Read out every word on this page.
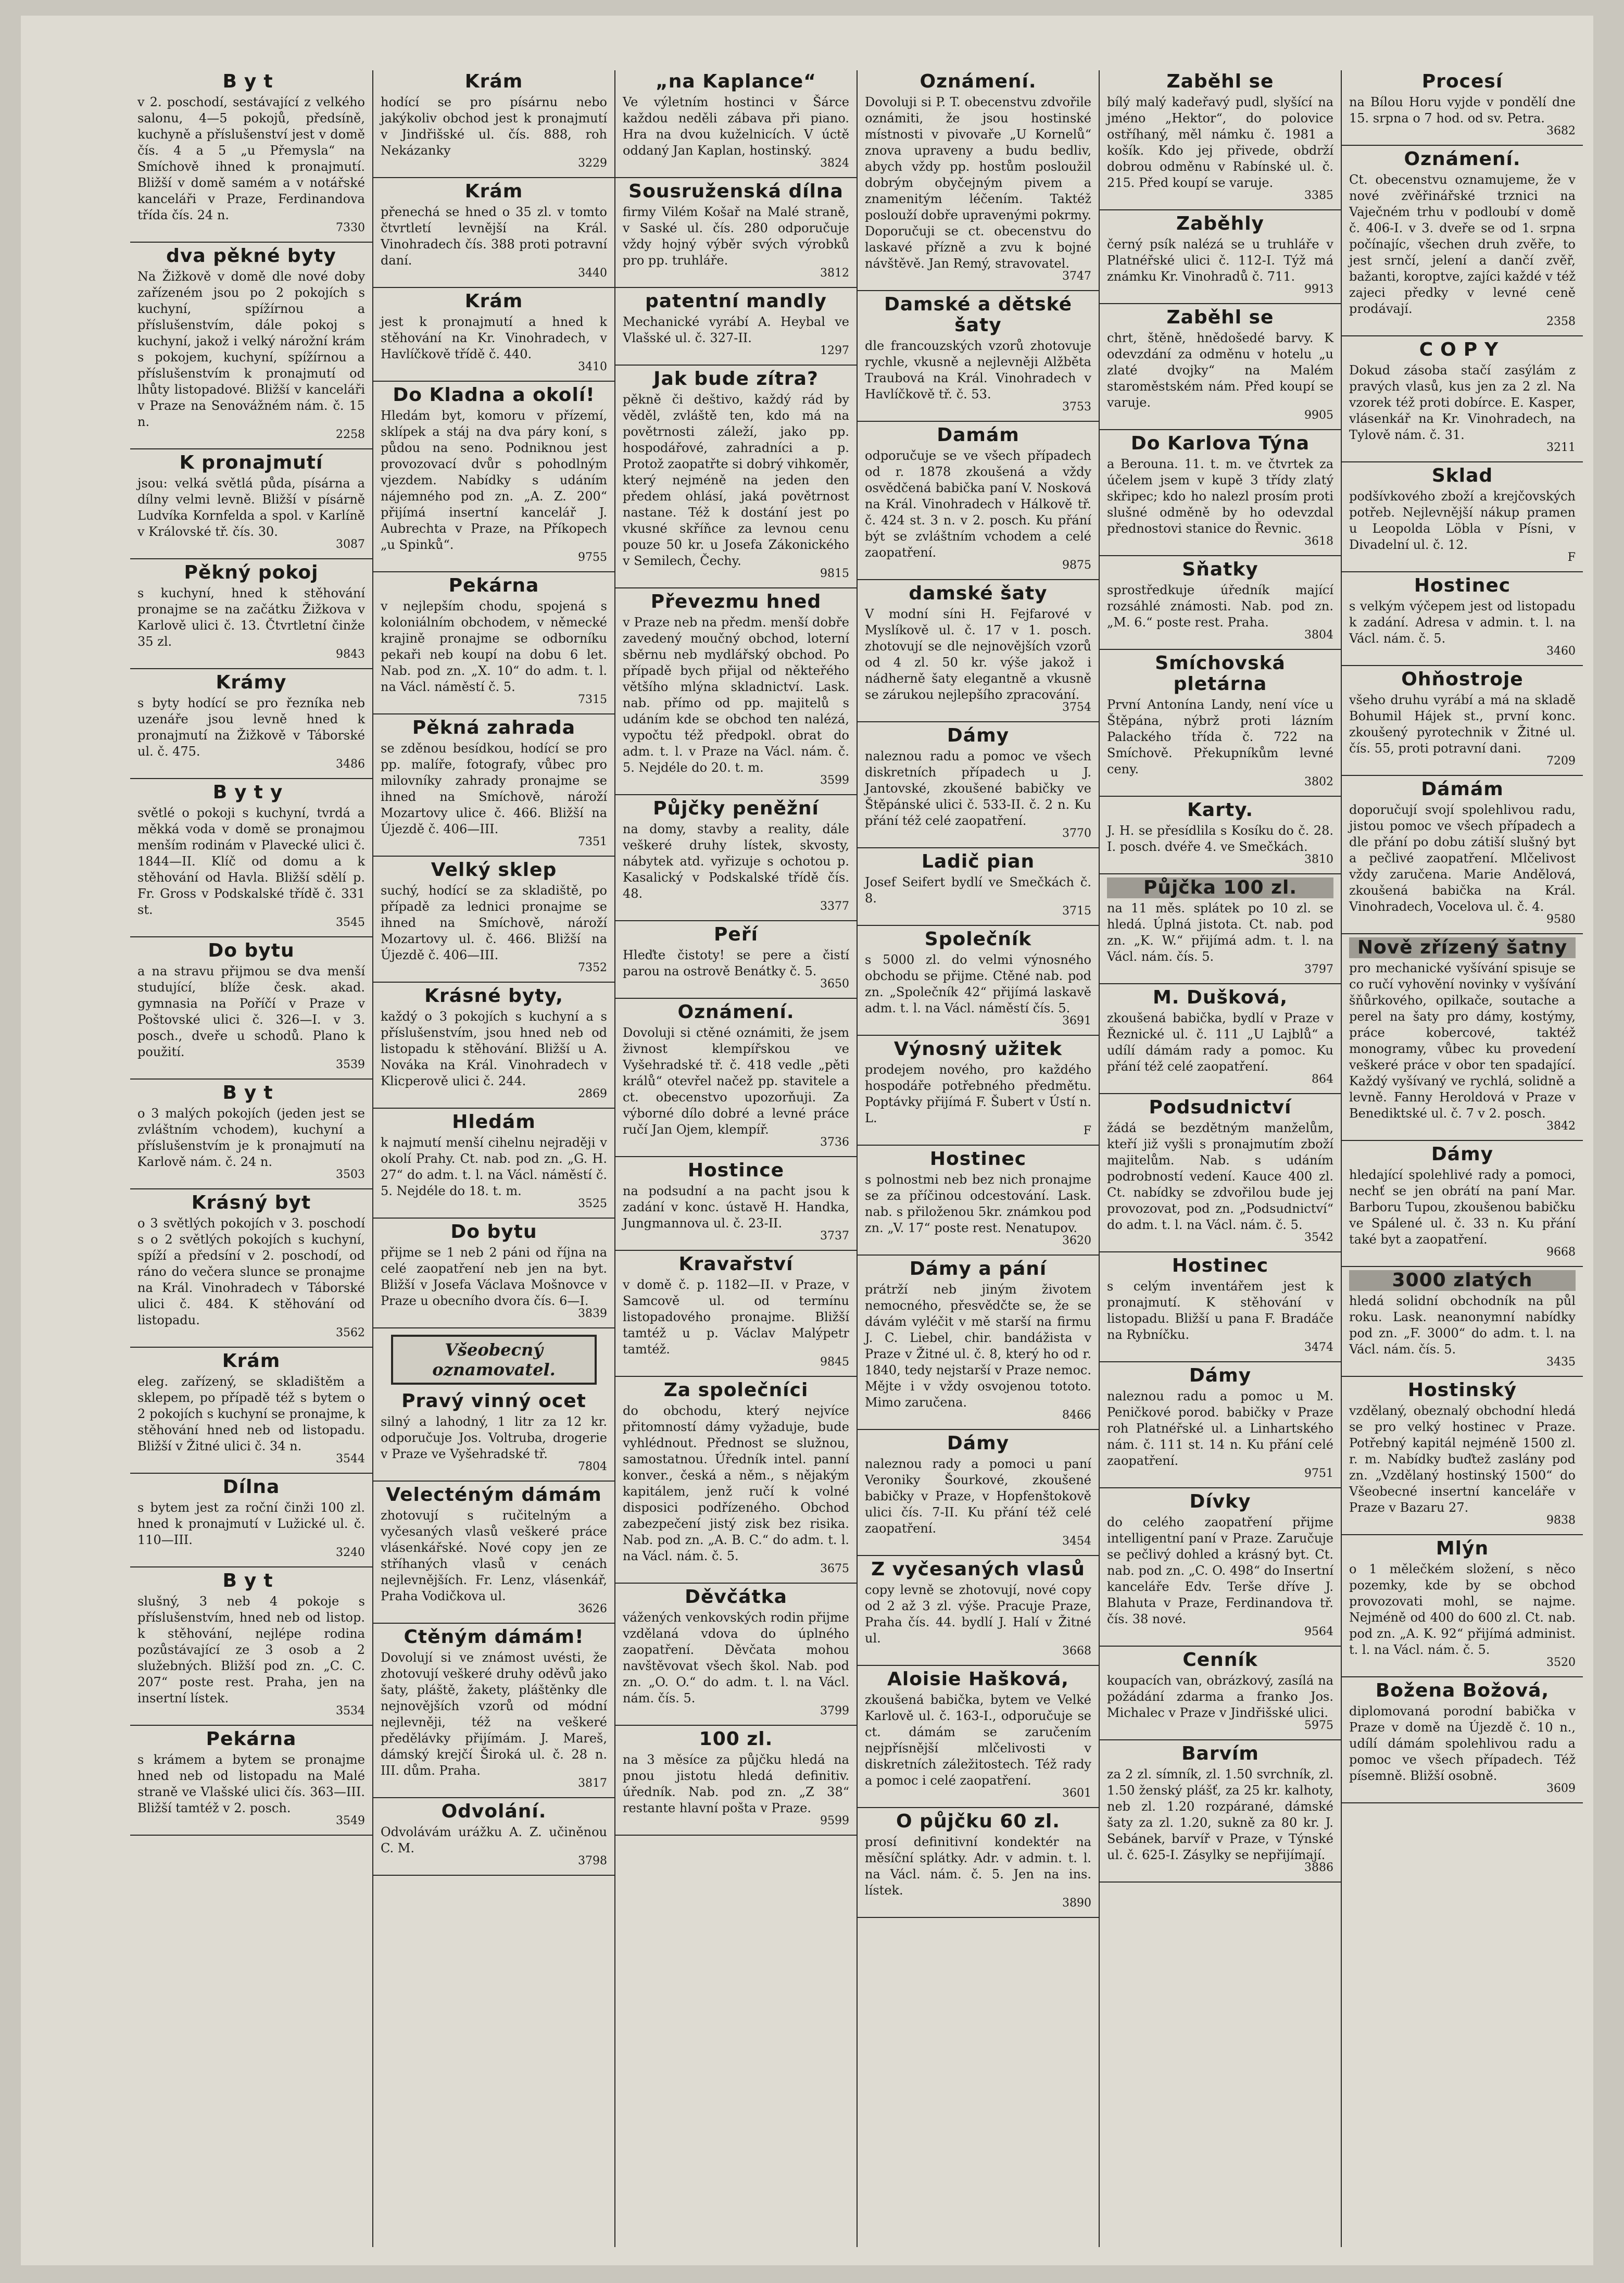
Byt

v 2. poschodí, sestávající z velkého salonu, 4—5 pokojů, předsíně, kuchyně a příslušenství jest v domě čís. 4 a 5 „u Přemysla“ na Smíchově ihned k pronajmutí. Bližší v domě samém a v notářské kanceláři v Praze, Ferdinandova třída čís. 24 n.

7330
dva pěkné byty

Na Žižkově v domě dle nové doby zařízeném jsou po 2 pokojích s kuchyní, spížírnou a příslušenstvím, dále pokoj s kuchyní, jakož i velký nárožní krám s pokojem, kuchyní, spížírnou a příslušenstvím k pronajmutí od lhůty listopadové. Bližší v kanceláři v Praze na Senovážném nám. č. 15 n.

2258
K pronajmutí

jsou: velká světlá půda, písárna a dílny velmi levně. Bližší v písárně Ludvíka Kornfelda a spol. v Karlíně v Královské tř. čís. 30.

3087
Pěkný pokoj

s kuchyní, hned k stěhování pronajme se na začátku Žižkova v Karlově ulici č. 13. Čtvrtletní činže 35 zl.

9843
Krámy

s byty hodící se pro řezníka neb uzenáře jsou levně hned k pronajmutí na Žižkově v Táborské ul. č. 475.

3486
Byty

světlé o pokoji s kuchyní, tvrdá a měkká voda v domě se pronajmou menším rodinám v Plavecké ulici č. 1844—II. Klíč od domu a k stěhování od Havla. Bližší sdělí p. Fr. Gross v Podskalské třídě č. 331 st.

3545
Do bytu

a na stravu přijmou se dva menší studující, blíže česk. akad. gymnasia na Poříčí v Praze v Poštovské ulici č. 326—I. v 3. posch., dveře u schodů. Plano k použití.

3539
Byt

o 3 malých pokojích (jeden jest se zvláštním vchodem), kuchyní a příslušenstvím je k pronajmutí na Karlově nám. č. 24 n.

3503
Krásný byt

o 3 světlých pokojích v 3. poschodí s o 2 světlých pokojích s kuchyní, spíží a předsíní v 2. poschodí, od ráno do večera slunce se pronajme na Král. Vinohradech v Táborské ulici č. 484. K stěhování od listopadu.

3562
Krám

eleg. zařízený, se skladištěm a sklepem, po případě též s bytem o 2 pokojích s kuchyní se pronajme, k stěhování hned neb od listopadu. Bližší v Žitné ulici č. 34 n.

3544
Dílna

s bytem jest za roční činži 100 zl. hned k pronajmutí v Lužické ul. č. 110—III.

3240
Byt

slušný, 3 neb 4 pokoje s příslušenstvím, hned neb od listop. k stěhování, nejlépe rodina pozůstávající ze 3 osob a 2 služebných. Bližší pod zn. „C. C. 207“ poste rest. Praha, jen na insertní lístek.

3534
Pekárna

s krámem a bytem se pronajme hned neb od listopadu na Malé straně ve Vlašské ulici čís. 363—III. Bližší tamtéž v 2. posch.

3549
Krám

hodící se pro písárnu nebo jakýkoliv obchod jest k pronajmutí v Jindřišské ul. čís. 888, roh Nekázanky

3229
Krám

přenechá se hned o 35 zl. v tomto čtvrtletí levnější na Král. Vinohradech čís. 388 proti potravní daní.

3440
Krám

jest k pronajmutí a hned k stěhování na Kr. Vinohradech, v Havlíčkově třídě č. 440.

3410
Do Kladna a okolí!

Hledám byt, komoru v přízemí, sklípek a stáj na dva páry koní, s půdou na seno. Podniknou jest provozovací dvůr s pohodlným vjezdem. Nabídky s udáním nájemného pod zn. „A. Z. 200“ přijímá insertní kancelář J. Aubrechta v Praze, na Příkopech „u Spinků“.

9755
Pekárna

v nejlepším chodu, spojená s koloniálním obchodem, v německé krajině pronajme se odborníku pekaři neb koupí na dobu 6 let. Nab. pod zn. „X. 10“ do adm. t. l. na Václ. náměstí č. 5.

7315
Pěkná zahrada

se zděnou besídkou, hodící se pro pp. malíře, fotografy, vůbec pro milovníky zahrady pronajme se ihned na Smíchově, nároží Mozartovy ulice č. 466. Bližší na Újezdě č. 406—III.

7351
Velký sklep

suchý, hodící se za skladiště, po případě za lednici pronajme se ihned na Smíchově, nároží Mozartovy ul. č. 466. Bližší na Újezdě č. 406—III.

7352
Krásné byty,

každý o 3 pokojích s kuchyní a s příslušenstvím, jsou hned neb od listopadu k stěhování. Bližší u A. Nováka na Král. Vinohradech v Klicperově ulici č. 244.

2869
Hledám

k najmutí menší cihelnu nejraději v okolí Prahy. Ct. nab. pod zn. „G. H. 27“ do adm. t. l. na Václ. náměstí č. 5. Nejdéle do 18. t. m.

3525
Do bytu

přijme se 1 neb 2 páni od října na celé zaopatření neb jen na byt. Bližší v Josefa Václava Mošnovce v Praze u obecního dvora čís. 6—I.

3839
Všeobecný oznamovatel.
Pravý vinný ocet

silný a lahodný, 1 litr za 12 kr. odporučuje Jos. Voltruba, drogerie v Praze ve Vyšehradské tř.

7804
Velecténým dámám

zhotovují s ručitelným a vyčesaných vlasů veškeré práce vlásenkářské. Nové copy jen ze stříhaných vlasů v cenách nejlevnějších. Fr. Lenz, vlásenkář, Praha Vodičkova ul.

3626
Ctěným dámám!

Dovolují si ve známost uvésti, že zhotovují veškeré druhy oděvů jako šaty, pláště, žakety, pláštěnky dle nejnovějších vzorů od módní nejlevněji, též na veškeré předělávky přijímám. J. Mareš, dámský krejčí Široká ul. č. 28 n. III. dům. Praha.

3817
Odvolání.

Odvolávám urážku A. Z. učiněnou C. M.

3798
„na Kaplance“

Ve výletním hostinci v Šárce každou neděli zábava při piano. Hra na dvou kuželnicích. V úctě oddaný Jan Kaplan, hostinský.

3824
Sousruženská dílna

firmy Vilém Košař na Malé straně, v Saské ul. čís. 280 odporučuje vždy hojný výběr svých výrobků pro pp. truhláře.

3812
patentní mandly

Mechanické vyrábí A. Heybal ve Vlašské ul. č. 327-II.

1297
Jak bude zítra?

pěkně či deštivo, každý rád by věděl, zvláště ten, kdo má na povětrnosti záleží, jako pp. hospodářové, zahradníci a p. Protož zaopatřte si dobrý vihkoměr, který nejméně na jeden den předem ohlásí, jaká povětrnost nastane. Též k dostání jest po vkusné skříňce za levnou cenu pouze 50 kr. u Josefa Zákonického v Semilech, Čechy.

9815
Převezmu hned

v Praze neb na předm. menší dobře zavedený moučný obchod, loterní sběrnu neb mydlářský obchod. Po případě bych přijal od někteřého většího mlýna skladnictví. Lask. nab. přímo od pp. majitelů s udáním kde se obchod ten nalézá, vypočtu též předpokl. obrat do adm. t. l. v Praze na Václ. nám. č. 5. Nejdéle do 20. t. m.

3599
Půjčky peněžní

na domy, stavby a reality, dále veškeré druhy lístek, skvosty, nábytek atd. vyřizuje s ochotou p. Kasalický v Podskalské třídě čís. 48.

3377
Peří

Hleďte čistoty! se pere a čistí parou na ostrově Benátky č. 5.

3650
Oznámení.

Dovoluji si ctěné oznámiti, že jsem živnost klempířskou ve Vyšehradské tř. č. 418 vedle „pěti králů“ otevřel načež pp. stavitele a ct. obecenstvo upozorňuji. Za výborné dílo dobré a levné práce ručí Jan Ojem, klempíř.

3736
Hostince

na podsudní a na pacht jsou k zadání v konc. ústavě H. Handka, Jungmannova ul. č. 23-II.

3737
Kravařství

v domě č. p. 1182—II. v Praze, v Samcově ul. od termínu listopadového pronajme. Bližší tamtéž u p. Václav Malýpetr tamtéž.

9845
Za společníci

do obchodu, který nejvíce přitomností dámy vyžaduje, bude vyhlédnout. Přednost se služnou, samostatnou. Úředník intel. panní konver., česká a něm., s nějakým kapitálem, jenž ručí k volné disposici podřízeného. Obchod zabezpečení jistý zisk bez risika. Nab. pod zn. „A. B. C.“ do adm. t. l. na Václ. nám. č. 5.

3675
Děvčátka

vážených venkovských rodin přijme vzdělaná vdova do úplného zaopatření. Děvčata mohou navštěvovat všech škol. Nab. pod zn. „O. O.“ do adm. t. l. na Václ. nám. čís. 5.

3799
100 zl.

na 3 měsíce za půjčku hledá na pnou jistotu hledá definitiv. úředník. Nab. pod zn. „Z 38“ restante hlavní pošta v Praze.

9599
Oznámení.

Dovoluji si P. T. obecenstvu zdvořile oznámiti, že jsou hostinské místnosti v pivovaře „U Kornelů“ znova upraveny a budu bedliv, abych vždy pp. hostům posloužil dobrým obyčejným pivem a znamenitým léčením. Taktéž poslouží dobře upravenými pokrmy. Doporučuji se ct. obecenstvu do laskavé přízně a zvu k bojné návštěvě. Jan Remý, stravovatel.

3747
Damské a dětské šaty

dle francouzských vzorů zhotovuje rychle, vkusně a nejlevněji Alžběta Traubová na Král. Vinohradech v Havlíčkově tř. č. 53.

3753
Damám

odporučuje se ve všech případech od r. 1878 zkoušená a vždy osvědčená babička paní V. Nosková na Král. Vinohradech v Hálkově tř. č. 424 st. 3 n. v 2. posch. Ku přání být se zvláštním vchodem a celé zaopatření.

9875
damské šaty

V modní síni H. Fejfarové v Myslíkově ul. č. 17 v 1. posch. zhotovují se dle nejnovějších vzorů od 4 zl. 50 kr. výše jakož i nádherně šaty elegantně a vkusně se zárukou nejlepšího zpracování.

3754
Dámy

naleznou radu a pomoc ve všech diskretních případech u J. Jantovské, zkoušené babičky ve Štěpánské ulici č. 533-II. č. 2 n. Ku přání též celé zaopatření.

3770
Ladič pian

Josef Seifert bydlí ve Smečkách č. 8.

3715
Společník

s 5000 zl. do velmi výnosného obchodu se přijme. Ctěné nab. pod zn. „Společník 42“ přijímá laskavě adm. t. l. na Václ. náměstí čís. 5.

3691
Výnosný užitek

prodejem nového, pro každého hospodáře potřebného předmětu. Poptávky přijímá F. Šubert v Ústí n. L.

F
Hostinec

s polnostmi neb bez nich pronajme se za příčinou odcestování. Lask. nab. s přiloženou 5kr. známkou pod zn. „V. 17“ poste rest. Nenatupov.

3620
Dámy a pání

prátrží neb jiným životem nemocného, přesvědčte se, že se dávám vyléčit v mě starší na firmu J. C. Liebel, chir. bandážista v Praze v Žitné ul. č. 8, který ho od r. 1840, tedy nejstarší v Praze nemoc. Mějte i v vždy osvojenou tototo. Mimo zaručena.

8466
Dámy

naleznou rady a pomoci u paní Veroniky Šourkové, zkoušené babičky v Praze, v Hopfenštokově ulici čís. 7-II. Ku přání též celé zaopatření.

3454
Z vyčesaných vlasů

copy levně se zhotovují, nové copy od 2 až 3 zl. výše. Pracuje Praze, Praha čís. 44. bydlí J. Halí v Žitné ul.

3668
Aloisie Hašková,

zkoušená babička, bytem ve Velké Karlově ul. č. 163-I., odporučuje se ct. dámám se zaručením nejpřísnější mlčelivosti v diskretních záležitostech. Též rady a pomoc i celé zaopatření.

3601
O půjčku 60 zl.

prosí definitivní kondektér na měsíční splátky. Adr. v admin. t. l. na Václ. nám. č. 5. Jen na ins. lístek.

3890
Zaběhl se

bílý malý kadeřavý pudl, slyšící na jméno „Hektor“, do polovice ostříhaný, měl námku č. 1981 a košík. Kdo jej přivede, obdrží dobrou odměnu v Rabínské ul. č. 215. Před koupí se varuje.

3385
Zaběhly

černý psík nalézá se u truhláře v Platnéřské ulici č. 112-I. Týž má známku Kr. Vinohradů č. 711.

9913
Zaběhl se

chrt, štěně, hnědošedé barvy. K odevzdání za odměnu v hotelu „u zlaté dvojky“ na Malém staroměstském nám. Před koupí se varuje.

9905
Do Karlova Týna

a Berouna. 11. t. m. ve čtvrtek za účelem jsem v kupě 3 třídy zlatý skřipec; kdo ho nalezl prosím proti slušné odměně by ho odevzdal přednostovi stanice do Řevnic.

3618
Sňatky

sprostředkuje úředník mající rozsáhlé známosti. Nab. pod zn. „M. 6.“ poste rest. Praha.

3804
Smíchovská pletárna

První Antonína Landy, není více u Štěpána, nýbrž proti lázním Palackého třída č. 722 na Smíchově. Překupníkům levné ceny.

3802
Karty.

J. H. se přesídlila s Kosíku do č. 28. I. posch. dvéře 4. ve Smečkách.

3810
Půjčka 100 zl.

na 11 měs. splátek po 10 zl. se hledá. Úplná jistota. Ct. nab. pod zn. „K. W.“ přijímá adm. t. l. na Václ. nám. čís. 5.

3797
M. Dušková,

zkoušená babička, bydlí v Praze v Řeznické ul. č. 111 „U Lajblů“ a udílí dámám rady a pomoc. Ku přání též celé zaopatření.

864
Podsudnictví

žádá se bezdětným manželům, kteří již vyšli s pronajmutím zboží majitelům. Nab. s udáním podrobností vedení. Kauce 400 zl. Ct. nabídky se zdvořilou bude jej provozovat, pod zn. „Podsudnictví“ do adm. t. l. na Václ. nám. č. 5.

3542
Hostinec

s celým inventářem jest k pronajmutí. K stěhování v listopadu. Bližší u pana F. Bradáče na Rybníčku.

3474
Dámy

naleznou radu a pomoc u M. Peničkové porod. babičky v Praze roh Platnéřské ul. a Linhartského nám. č. 111 st. 14 n. Ku přání celé zaopatření.

9751
Dívky

do celého zaopatření přijme intelligentní paní v Praze. Zaručuje se pečlivý dohled a krásný byt. Ct. nab. pod zn. „C. O. 498“ do Insertní kanceláře Edv. Terše dříve J. Blahuta v Praze, Ferdinandova tř. čís. 38 nové.

9564
Cenník

koupacích van, obrázkový, zasílá na požádání zdarma a franko Jos. Michalec v Praze v Jindřišské ulici.

5975
Barvím

za 2 zl. símník, zl. 1.50 svrchník, zl. 1.50 ženský plášť, za 25 kr. kalhoty, neb zl. 1.20 rozpárané, dámské šaty za zl. 1.20, sukně za 80 kr. J. Sebánek, barvíř v Praze, v Týnské ul. č. 625-I. Zásylky se nepřijímají.

3886
Procesí

na Bílou Horu vyjde v pondělí dne 15. srpna o 7 hod. od sv. Petra.

3682
Oznámení.

Ct. obecenstvu oznamujeme, že v nové zvěřinářské trznici na Vaječném trhu v podloubí v domě č. 406-I. v 3. dveře se od 1. srpna počínajíc, všechen druh zvěře, to jest srnčí, jelení a dančí zvěř, bažanti, koroptve, zajíci každé v též zajeci předky v levné ceně prodávají.

2358
COPY

Dokud zásoba stačí zasýlám z pravých vlasů, kus jen za 2 zl. Na vzorek též proti dobírce. E. Kasper, vlásenkář na Kr. Vinohradech, na Tylově nám. č. 31.

3211
Sklad

podšívkového zboží a krejčovských potřeb. Nejlevnější nákup pramen u Leopolda Löbla v Písni, v Divadelní ul. č. 12.

F
Hostinec

s velkým výčepem jest od listopadu k zadání. Adresa v admin. t. l. na Václ. nám. č. 5.

3460
Ohňostroje

všeho druhu vyrábí a má na skladě Bohumil Hájek st., první konc. zkoušený pyrotechnik v Žitné ul. čís. 55, proti potravní dani.

7209
Dámám

doporučují svojí spolehlivou radu, jistou pomoc ve všech případech a dle přání po dobu zátiší slušný byt a pečlivé zaopatření. Mlčelivost vždy zaručena. Marie Andělová, zkoušená babička na Král. Vinohradech, Vocelova ul. č. 4.

9580
Nově zřízený šatny

pro mechanické vyšívání spisuje se co ručí vyhovění novinky v vyšívání šňůrkového, opilkače, soutache a perel na šaty pro dámy, kostýmy, práce kobercové, taktéž monogramy, vůbec ku provedení veškeré práce v obor ten spadající. Každý vyšívaný ve rychlá, solidně a levně. Fanny Heroldová v Praze v Benediktské ul. č. 7 v 2. posch.

3842
Dámy

hledající spolehlivé rady a pomoci, nechť se jen obrátí na paní Mar. Barboru Tupou, zkoušenou babičku ve Spálené ul. č. 33 n. Ku přání také byt a zaopatření.

9668
3000 zlatých

hledá solidní obchodník na půl roku. Lask. neanonymní nabídky pod zn. „F. 3000“ do adm. t. l. na Václ. nám. čís. 5.

3435
Hostinský

vzdělaný, obeznalý obchodní hledá se pro velký hostinec v Praze. Potřebný kapitál nejméně 1500 zl. r. m. Nabídky buďtež zaslány pod zn. „Vzdělaný hostinský 1500“ do Všeobecné insertní kanceláře v Praze v Bazaru 27.

9838
Mlýn

o 1 mělečkém složení, s něco pozemky, kde by se obchod provozovati mohl, se najme. Nejméně od 400 do 600 zl. Ct. nab. pod zn. „A. K. 92“ přijímá administ. t. l. na Václ. nám. č. 5.

3520
Božena Božová,

diplomovaná porodní babička v Praze v domě na Újezdě č. 10 n., udílí dámám spolehlivou radu a pomoc ve všech případech. Též písemně. Bližší osobně.

3609
